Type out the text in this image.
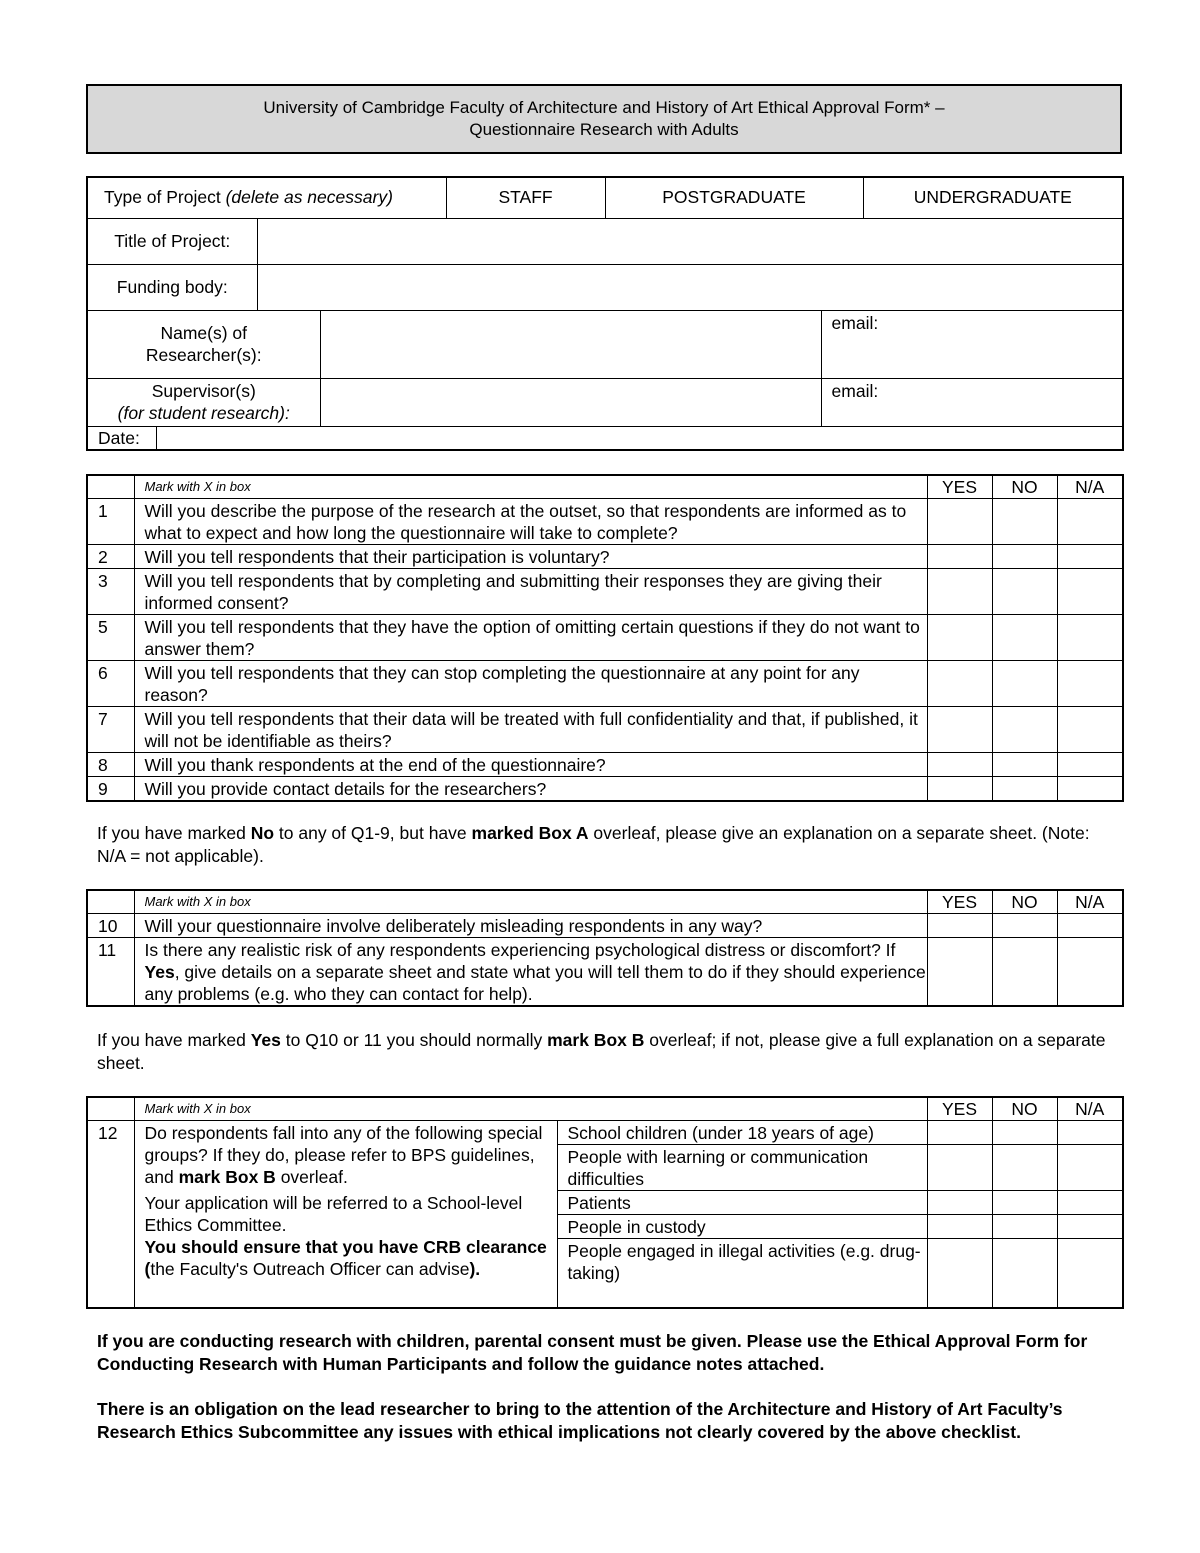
University of Cambridge Faculty of Architecture and History of Art Ethical Approval Form* –
Questionnaire Research with Adults
Type of Project (delete as necessary)			STAFF	POSTGRADUATE		UNDERGRADUATE
Title of Project:						
Funding body:						

Name(s) of
Researcher(s):					email:	

Supervisor(s)
(for student research):					email:	

Date:						
	Mark with X in box	YES	NO	N/A
1	Will you describe the purpose of the research at the outset, so that respondents are informed as to what to expect and how long the questionnaire will take to complete?			
2	Will you tell respondents that their participation is voluntary?			
3	Will you tell respondents that by completing and submitting their responses they are giving their informed consent?			
5	Will you tell respondents that they have the option of omitting certain questions if they do not want to answer them?			
6	Will you tell respondents that they can stop completing the questionnaire at any point for any reason?			
7	Will you tell respondents that their data will be treated with full confidentiality and that, if published, it will not be identifiable as theirs?			
8	Will you thank respondents at the end of the questionnaire?			
9	Will you provide contact details for the researchers?			
If you have marked No to any of Q1-9, but have marked Box A overleaf, please give an explanation on a separate sheet. (Note: N/A = not applicable).
	Mark with X in box	YES	NO	N/A
10	Will your questionnaire involve deliberately misleading respondents in any way?			
11	Is there any realistic risk of any respondents experiencing psychological distress or discomfort? If Yes, give details on a separate sheet and state what you will tell them to do if they should experience any problems (e.g. who they can contact for help).			
If you have marked Yes to Q10 or 11 you should normally mark Box B overleaf; if not, please give a full explanation on a separate sheet.
	Mark with X in box		YES	NO	N/A
12	Do respondents fall into any of the following special groups? If they do, please refer to BPS guidelines, and mark Box B overleaf.
Your application will be referred to a School-level Ethics Committee.
You should ensure that you have CRB clearance (the Faculty's Outreach Officer can advise).	School children (under 18 years of age)			
		People with learning or communication difficulties			
		Patients			
		People in custody			
		People engaged in illegal activities (e.g. drug-taking)			
If you are conducting research with children, parental consent must be given. Please use the Ethical Approval Form for Conducting Research with Human Participants and follow the guidance notes attached.
There is an obligation on the lead researcher to bring to the attention of the Architecture and History of Art Faculty’s Research Ethics Subcommittee any issues with ethical implications not clearly covered by the above checklist.
